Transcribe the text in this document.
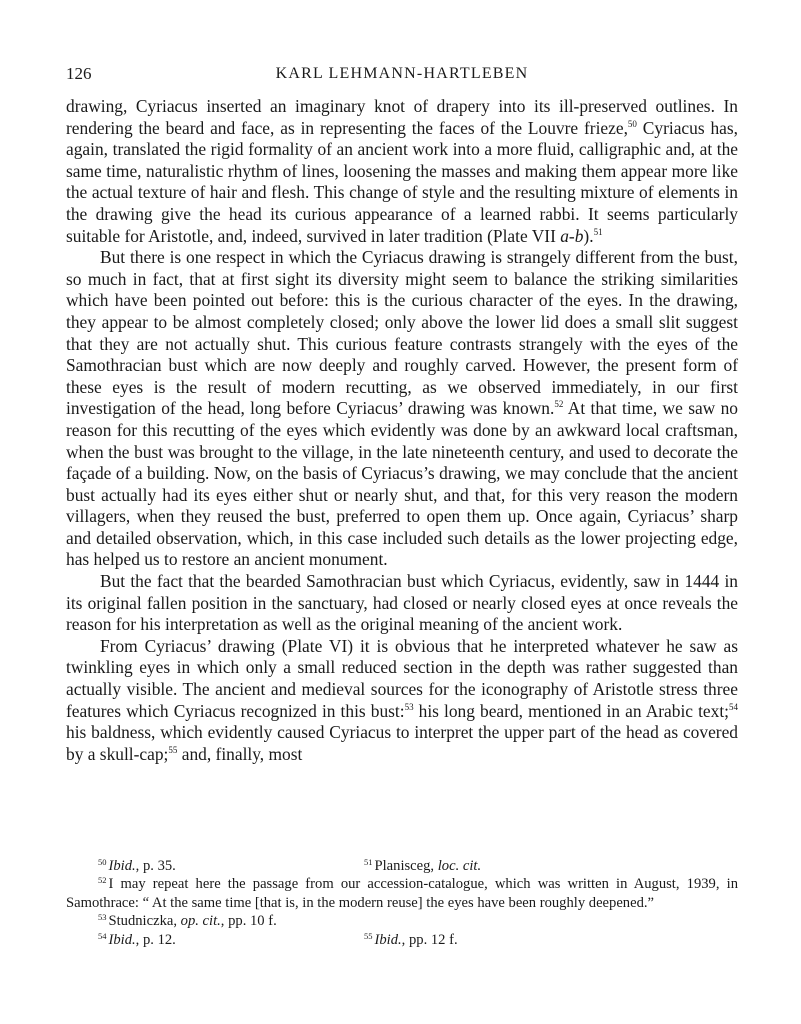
126	KARL LEHMANN-HARTLEBEN

drawing, Cyriacus inserted an imaginary knot of drapery into its ill-preserved outlines. In rendering the beard and face, as in representing the faces of the Louvre frieze,$^{50}$ Cyriacus has, again, translated the rigid formality of an ancient work into a more fluid, calligraphic and, at the same time, naturalistic rhythm of lines, loosening the masses and making them appear more like the actual texture of hair and flesh. This change of style and the resulting mixture of elements in the drawing give the head its curious appearance of a learned rabbi. It seems particularly suitable for Aristotle, and, indeed, survived in later tradition (Plate VII a-b).$^{51}$

But there is one respect in which the Cyriacus drawing is strangely different from the bust, so much in fact, that at first sight its diversity might seem to balance the striking similarities which have been pointed out before: this is the curious character of the eyes. In the drawing, they appear to be almost completely closed; only above the lower lid does a small slit suggest that they are not actually shut. This curious feature contrasts strangely with the eyes of the Samothracian bust which are now deeply and roughly carved. However, the present form of these eyes is the result of modern recutting, as we observed immediately, in our first investigation of the head, long before Cyriacus’ drawing was known.$^{52}$ At that time, we saw no reason for this recutting of the eyes which evidently was done by an awkward local craftsman, when the bust was brought to the village, in the late nineteenth century, and used to decorate the façade of a building. Now, on the basis of Cyriacus’s drawing, we may conclude that the ancient bust actually had its eyes either shut or nearly shut, and that, for this very reason the modern villagers, when they reused the bust, preferred to open them up. Once again, Cyriacus’ sharp and detailed observation, which, in this case included such details as the lower projecting edge, has helped us to restore an ancient monument.

But the fact that the bearded Samothracian bust which Cyriacus, evidently, saw in 1444 in its original fallen position in the sanctuary, had closed or nearly closed eyes at once reveals the reason for his interpretation as well as the original meaning of the ancient work.

From Cyriacus’ drawing (Plate VI) it is obvious that he interpreted whatever he saw as twinkling eyes in which only a small reduced section in the depth was rather suggested than actually visible. The ancient and medieval sources for the iconography of Aristotle stress three features which Cyriacus recognized in this bust:$^{53}$ his long beard, mentioned in an Arabic text;$^{54}$ his baldness, which evidently caused Cyriacus to interpret the upper part of the head as covered by a skull-cap;$^{55}$ and, finally, most

$^{50}$ Ibid., p. 35.	$^{51}$ Planisceg, loc. cit.
$^{52}$ I may repeat here the passage from our accession-catalogue, which was written in August, 1939, in Samothrace: “ At the same time [that is, in the modern reuse] the eyes have been roughly deepened.”
$^{53}$ Studniczka, op. cit., pp. 10 f.
$^{54}$ Ibid., p. 12.	$^{55}$ Ibid., pp. 12 f.
